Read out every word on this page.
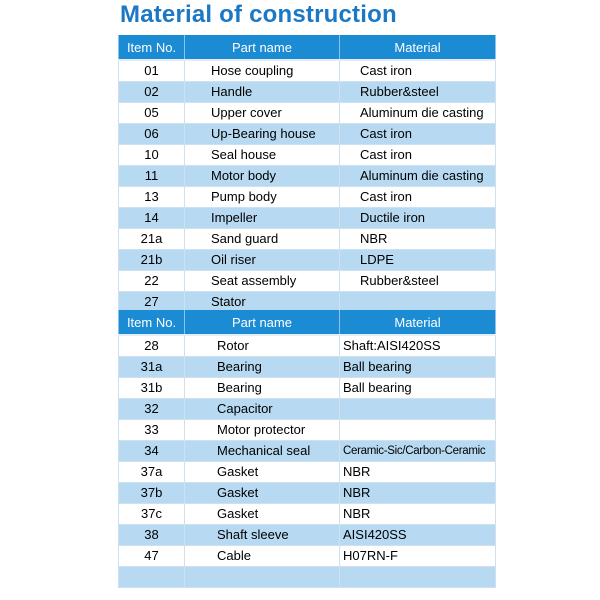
Material of construction
Item No.	Part name	Material
01	Hose coupling	Cast iron
02	Handle	Rubber&steel
05	Upper cover	Aluminum die casting
06	Up-Bearing house	Cast iron
10	Seal house	Cast iron
11	Motor body	Aluminum die casting
13	Pump body	Cast iron
14	Impeller	Ductile iron
21a	Sand guard	NBR
21b	Oil riser	LDPE
22	Seat assembly	Rubber&steel
27	Stator	
Item No.	Part name	Material
28	Rotor	Shaft:AISI420SS
31a	Bearing	Ball bearing
31b	Bearing	Ball bearing
32	Capacitor	
33	Motor protector	
34	Mechanical seal	Ceramic-Sic/Carbon-Ceramic
37a	Gasket	NBR
37b	Gasket	NBR
37c	Gasket	NBR
38	Shaft sleeve	AISI420SS
47	Cable	H07RN-F
